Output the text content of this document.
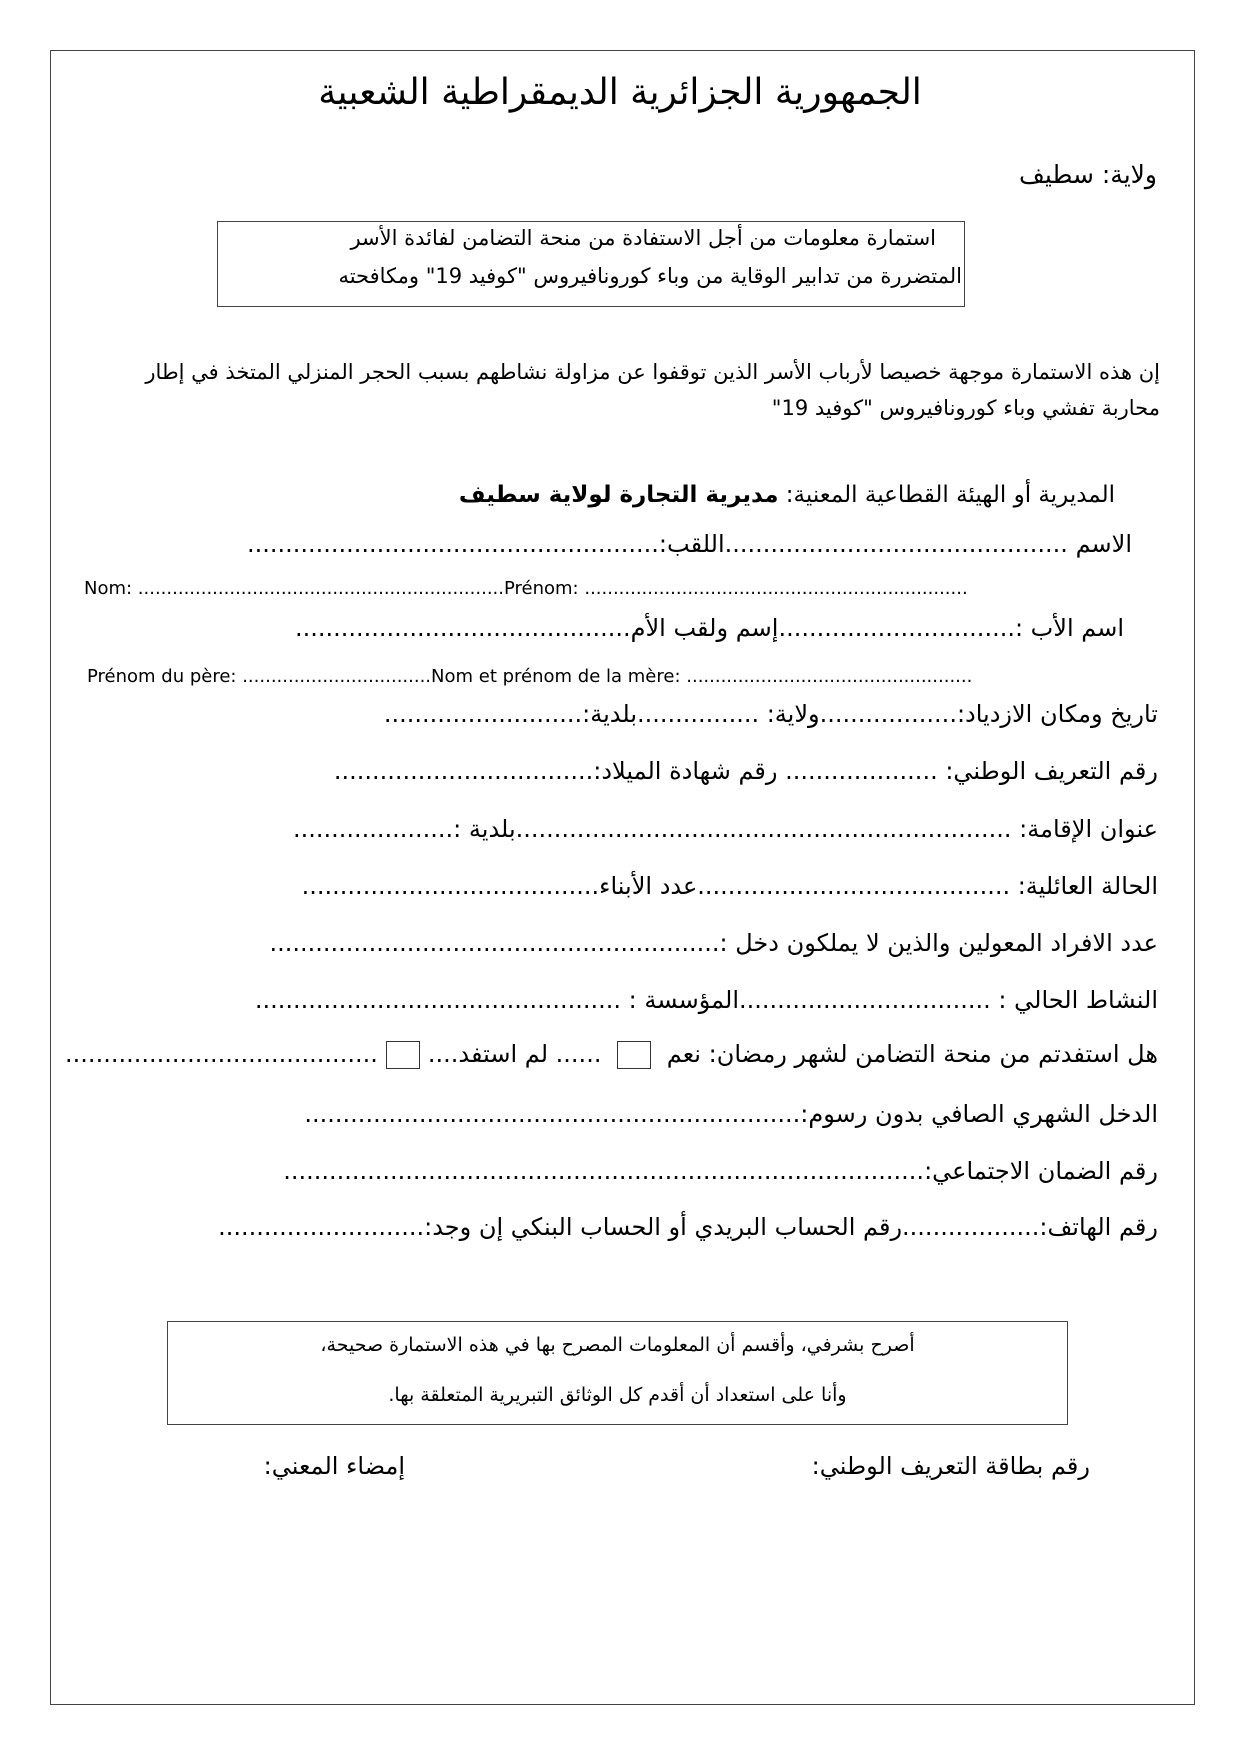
الجمهورية الجزائرية الديمقراطية الشعبية
ولاية: سطيف
استمارة معلومات من أجل الاستفادة من منحة التضامن لفائدة الأسر
المتضررة من تدابير الوقاية من وباء كورونافيروس "كوفيد 19" ومكافحته
إن هذه الاستمارة موجهة خصيصا لأرباب الأسر الذين توقفوا عن مزاولة نشاطهم بسبب الحجر المنزلي المتخذ في إطار
محاربة تفشي وباء كورونافيروس "كوفيد 19"
المديرية أو الهيئة القطاعية المعنية: مديرية التجارة لولاية سطيف
الاسم .............................................اللقب:......................................................
Nom: ................................................................Prénom: ...................................................................
اسم الأب :...............................إسم ولقب الأم............................................
Prénom du père: .................................Nom et prénom de la mère: ..................................................
تاريخ ومكان الازدياد:..................ولاية: ................بلدية:..........................
رقم التعريف الوطني: .................... رقم شهادة الميلاد:..................................
عنوان الإقامة: .................................................................بلدية :.....................
الحالة العائلية: .........................................عدد الأبناء.......................................
عدد الافراد المعولين والذين لا يملكون دخل :...........................................................
النشاط الحالي : .................................المؤسسة : ................................................
هل استفدتم من منحة التضامن لشهر رمضان: نعم  ...... لم استفد.............................................
الدخل الشهري الصافي بدون رسوم:.................................................................
رقم الضمان الاجتماعي:....................................................................................
رقم الهاتف:..................رقم الحساب البريدي أو الحساب البنكي إن وجد:...........................
أصرح بشرفي، وأقسم أن المعلومات المصرح بها في هذه الاستمارة صحيحة،
وأنا على استعداد أن أقدم كل الوثائق التبريرية المتعلقة بها.
رقم بطاقة التعريف الوطني:
إمضاء المعني:
